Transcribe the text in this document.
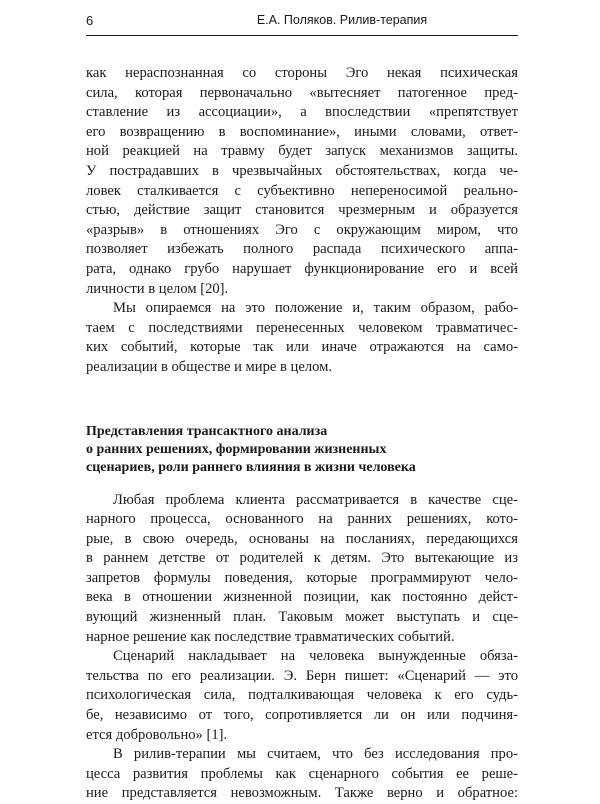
6	Е.А. Поляков. Рилив-терапия

как нераспознанная со стороны Эго некая психическая
сила, которая первоначально «вытесняет патогенное пред-
ставление из ассоциации», а впоследствии «препятствует
его возвращению в воспоминание», иными словами, ответ-
ной реакцией на травму будет запуск механизмов защиты.
У пострадавших в чрезвычайных обстоятельствах, когда че-
ловек сталкивается с субъективно непереносимой реально-
стью, действие защит становится чрезмерным и образуется
«разрыв» в отношениях Эго с окружающим миром, что
позволяет избежать полного распада психического аппа-
рата, однако грубо нарушает функционирование его и всей
личности в целом [20].

Мы опираемся на это положение и, таким образом, рабо-
таем с последствиями перенесенных человеком травматичес-
ких событий, которые так или иначе отражаются на само-
реализации в обществе и мире в целом.

Представления трансактного анализа
о ранних решениях, формировании жизненных
сценариев, роли раннего влияния в жизни человека

Любая проблема клиента рассматривается в качестве сце-
нарного процесса, основанного на ранних решениях, кото-
рые, в свою очередь, основаны на посланиях, передающихся
в раннем детстве от родителей к детям. Это вытекающие из
запретов формулы поведения, которые программируют чело-
века в отношении жизненной позиции, как постоянно дейст-
вующий жизненный план. Таковым может выступать и сце-
нарное решение как последствие травматических событий.

Сценарий накладывает на человека вынужденные обяза-
тельства по его реализации. Э. Берн пишет: «Сценарий — это
психологическая сила, подталкивающая человека к его судь-
бе, независимо от того, сопротивляется ли он или подчиня-
ется добровольно» [1].

В рилив-терапии мы считаем, что без исследования про-
цесса развития проблемы как сценарного события ее реше-
ние представляется невозможным. Также верно и обратное:
